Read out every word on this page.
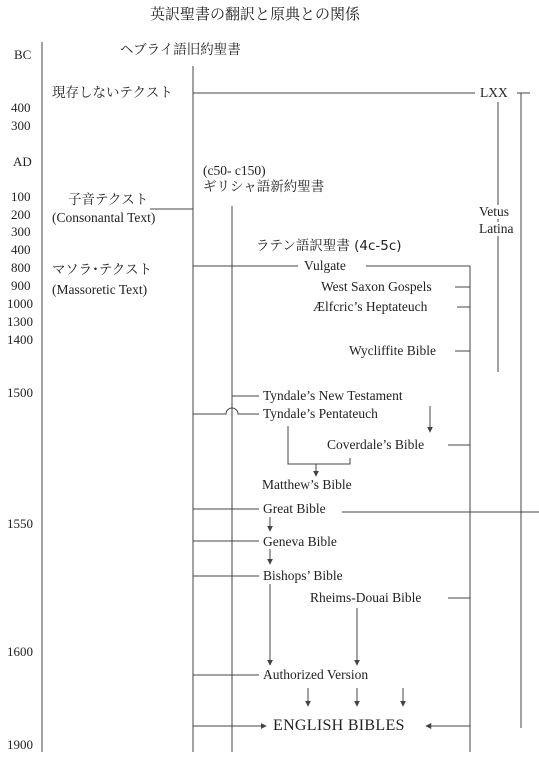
英訳聖書の翻訳と原典との関係
ヘブライ語旧約聖書
(c50- c150)
ギリシャ語新約聖書
ラテン語訳聖書 (4c-5c)
BC
400
300
AD
100
200
300
400
800
900
1000
1300
1400
1500
1550
1600
1900
現存しないテクスト
子音テクスト
(Consonantal Text)
マソラ･テクスト
(Massoretic Text)
LXX
Vetus
Latina
Vulgate
West Saxon Gospels
Ælfcric’s Heptateuch
Wycliffite Bible
Tyndale’s New Testament
Tyndale’s Pentateuch
Coverdale’s Bible
Matthew’s Bible
Great Bible
Geneva Bible
Bishops’ Bible
Rheims-Douai Bible
Authorized Version
ENGLISH BIBLES
